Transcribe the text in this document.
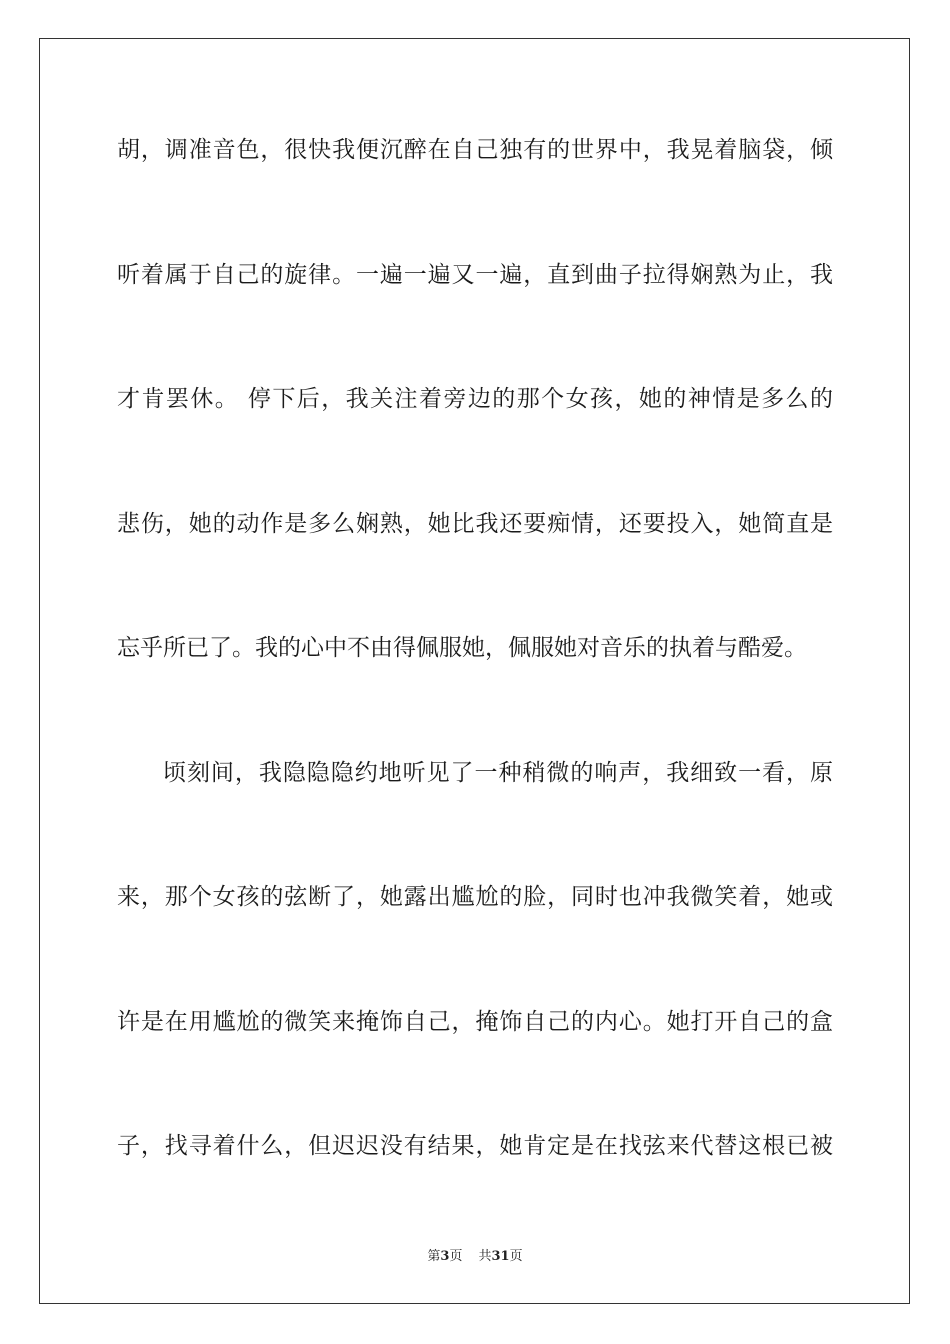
胡，调准音色，很快我便沉醉在自己独有的世界中，我晃着脑袋，倾
听着属于自己的旋律。一遍一遍又一遍，直到曲子拉得娴熟为止，我
才肯罢休。 停下后，我关注着旁边的那个女孩，她的神情是多么的
悲伤，她的动作是多么娴熟，她比我还要痴情，还要投入，她简直是
忘乎所已了。我的心中不由得佩服她，佩服她对音乐的执着与酷爱。
顷刻间，我隐隐隐约地听见了一种稍微的响声，我细致一看，原
来，那个女孩的弦断了，她露出尴尬的脸，同时也冲我微笑着，她或
许是在用尴尬的微笑来掩饰自己，掩饰自己的内心。她打开自己的盒
子，找寻着什么，但迟迟没有结果，她肯定是在找弦来代替这根已被
第3页 共31页
